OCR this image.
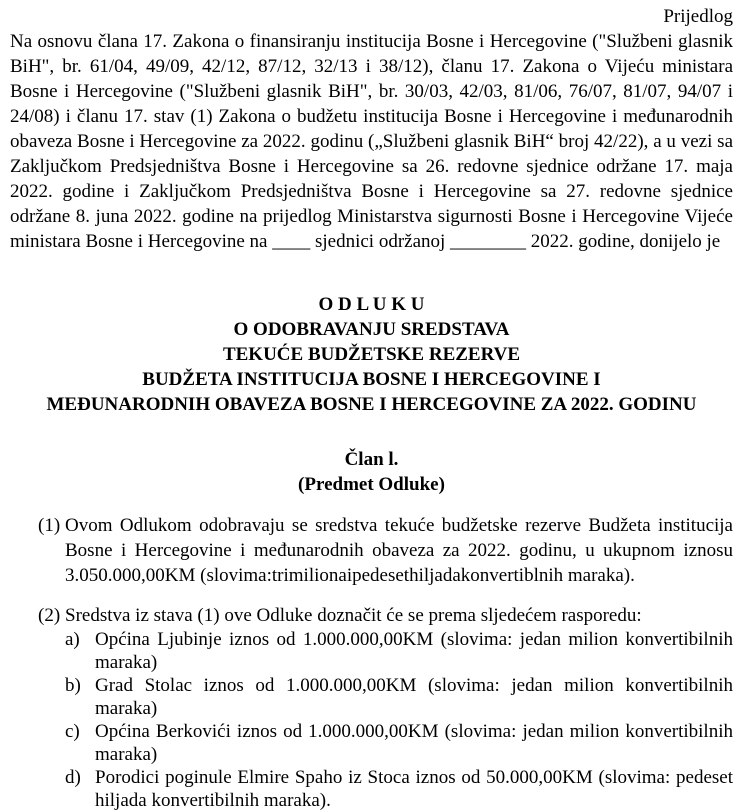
Prijedlog

Na osnovu člana 17. Zakona o finansiranju institucija Bosne i Hercegovine ("Službeni glasnik BiH", br. 61/04, 49/09, 42/12, 87/12, 32/13 i 38/12), članu 17. Zakona o Vijeću ministara Bosne i Hercegovine ("Službeni glasnik BiH", br. 30/03, 42/03, 81/06, 76/07, 81/07, 94/07 i 24/08) i članu 17. stav (1) Zakona o budžetu institucija Bosne i Hercegovine i međunarodnih obaveza Bosne i Hercegovine za 2022. godinu („Službeni glasnik BiH“ broj 42/22), a u vezi sa Zaključkom Predsjedništva Bosne i Hercegovine sa 26. redovne sjednice održane 17. maja 2022. godine i Zaključkom Predsjedništva Bosne i Hercegovine sa 27. redovne sjednice održane 8. juna 2022. godine na prijedlog Ministarstva sigurnosti Bosne i Hercegovine Vijeće ministara Bosne i Hercegovine na ____ sjednici održanoj ________ 2022. godine, donijelo je

O D L U K U
O ODOBRAVANJU SREDSTAVA
TEKUĆE BUDŽETSKE REZERVE
BUDŽETA INSTITUCIJA BOSNE I HERCEGOVINE I
MEĐUNARODNIH OBAVEZA BOSNE I HERCEGOVINE ZA 2022. GODINU
Član l.
(Predmet Odluke)
(1) Ovom Odlukom odobravaju se sredstva tekuće budžetske rezerve Budžeta institucija Bosne i Hercegovine i međunarodnih obaveza za 2022. godinu, u ukupnom iznosu 3.050.000,00KM (slovima:trimilionaipedesethiljadakonvertiblnih maraka).
(2) Sredstva iz stava (1) ove Odluke doznačit će se prema sljedećem rasporedu:
a) Općina Ljubinje iznos od 1.000.000,00KM (slovima: jedan milion konvertibilnih maraka)
b) Grad Stolac iznos od 1.000.000,00KM (slovima: jedan milion konvertibilnih maraka)
c) Općina Berkovići iznos od 1.000.000,00KM (slovima: jedan milion konvertibilnih maraka)
d) Porodici poginule Elmire Spaho iz Stoca iznos od 50.000,00KM (slovima: pedeset hiljada konvertibilnih maraka).
